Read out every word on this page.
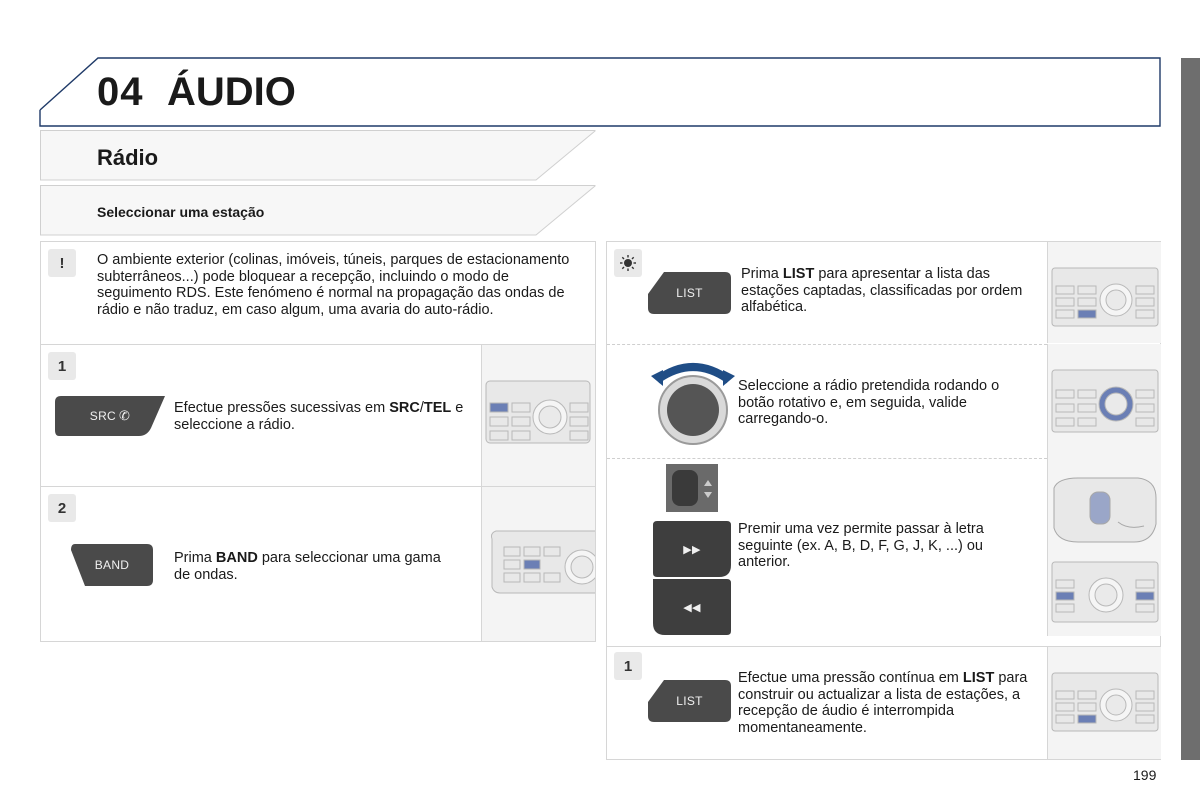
04 ÁUDIO
Rádio
Seleccionar uma estação
! O ambiente exterior (colinas, imóveis, túneis, parques de estacionamento subterrâneos...) pode bloquear a recepção, incluindo o modo de seguimento RDS. Este fenómeno é normal na propagação das ondas de rádio e não traduz, em caso algum, uma avaria do auto-rádio.
1
SRC ✆	Efectue pressões sucessivas em SRC/TEL e seleccione a rádio.
2
BAND	Prima BAND para seleccionar uma gama de ondas.
LIST
Prima LIST para apresentar a lista das estações captadas, classificadas por ordem alfabética.
Seleccione a rádio pretendida rodando o botão rotativo e, em seguida, valide carregando-o.
▶▶
◀◀
Premir uma vez permite passar à letra seguinte (ex. A, B, D, F, G, J, K, ...) ou anterior.
1
LIST
Efectue uma pressão contínua em LIST para construir ou actualizar a lista de estações, a recepção de áudio é interrompida momentaneamente.
199
